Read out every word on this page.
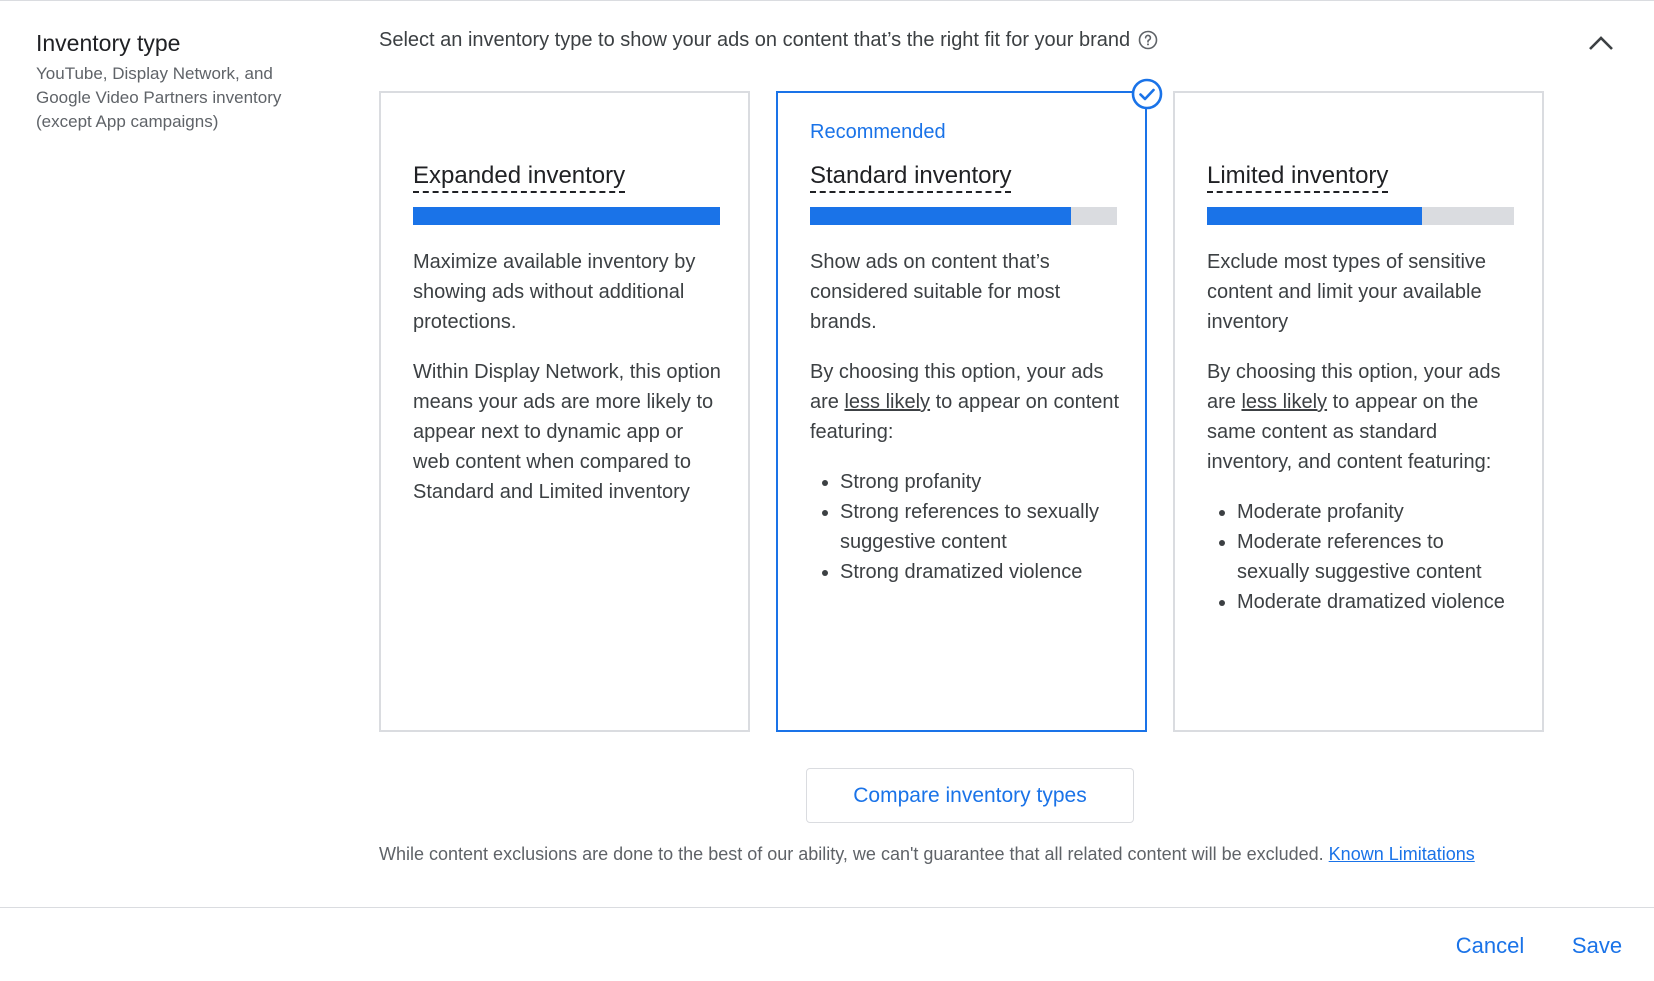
Inventory type
YouTube, Display Network, and Google Video Partners inventory (except App campaigns)
Select an inventory type to show your ads on content that’s the right fit for your brand
Expanded inventory

Maximize available inventory by showing ads without additional protections.

Within Display Network, this option means your ads are more likely to appear next to dynamic app or web content when compared to Standard and Limited inventory

Recommended
Standard inventory

Show ads on content that’s considered suitable for most brands.

By choosing this option, your ads are less likely to appear on content featuring:

• Strong profanity
• Strong references to sexually suggestive content
• Strong dramatized violence
Limited inventory

Exclude most types of sensitive content and limit your available inventory

By choosing this option, your ads are less likely to appear on the same content as standard inventory, and content featuring:

• Moderate profanity
• Moderate references to sexually suggestive content
• Moderate dramatized violence
Compare inventory types
While content exclusions are done to the best of our ability, we can't guarantee that all related content will be excluded. Known Limitations
Cancel	Save
